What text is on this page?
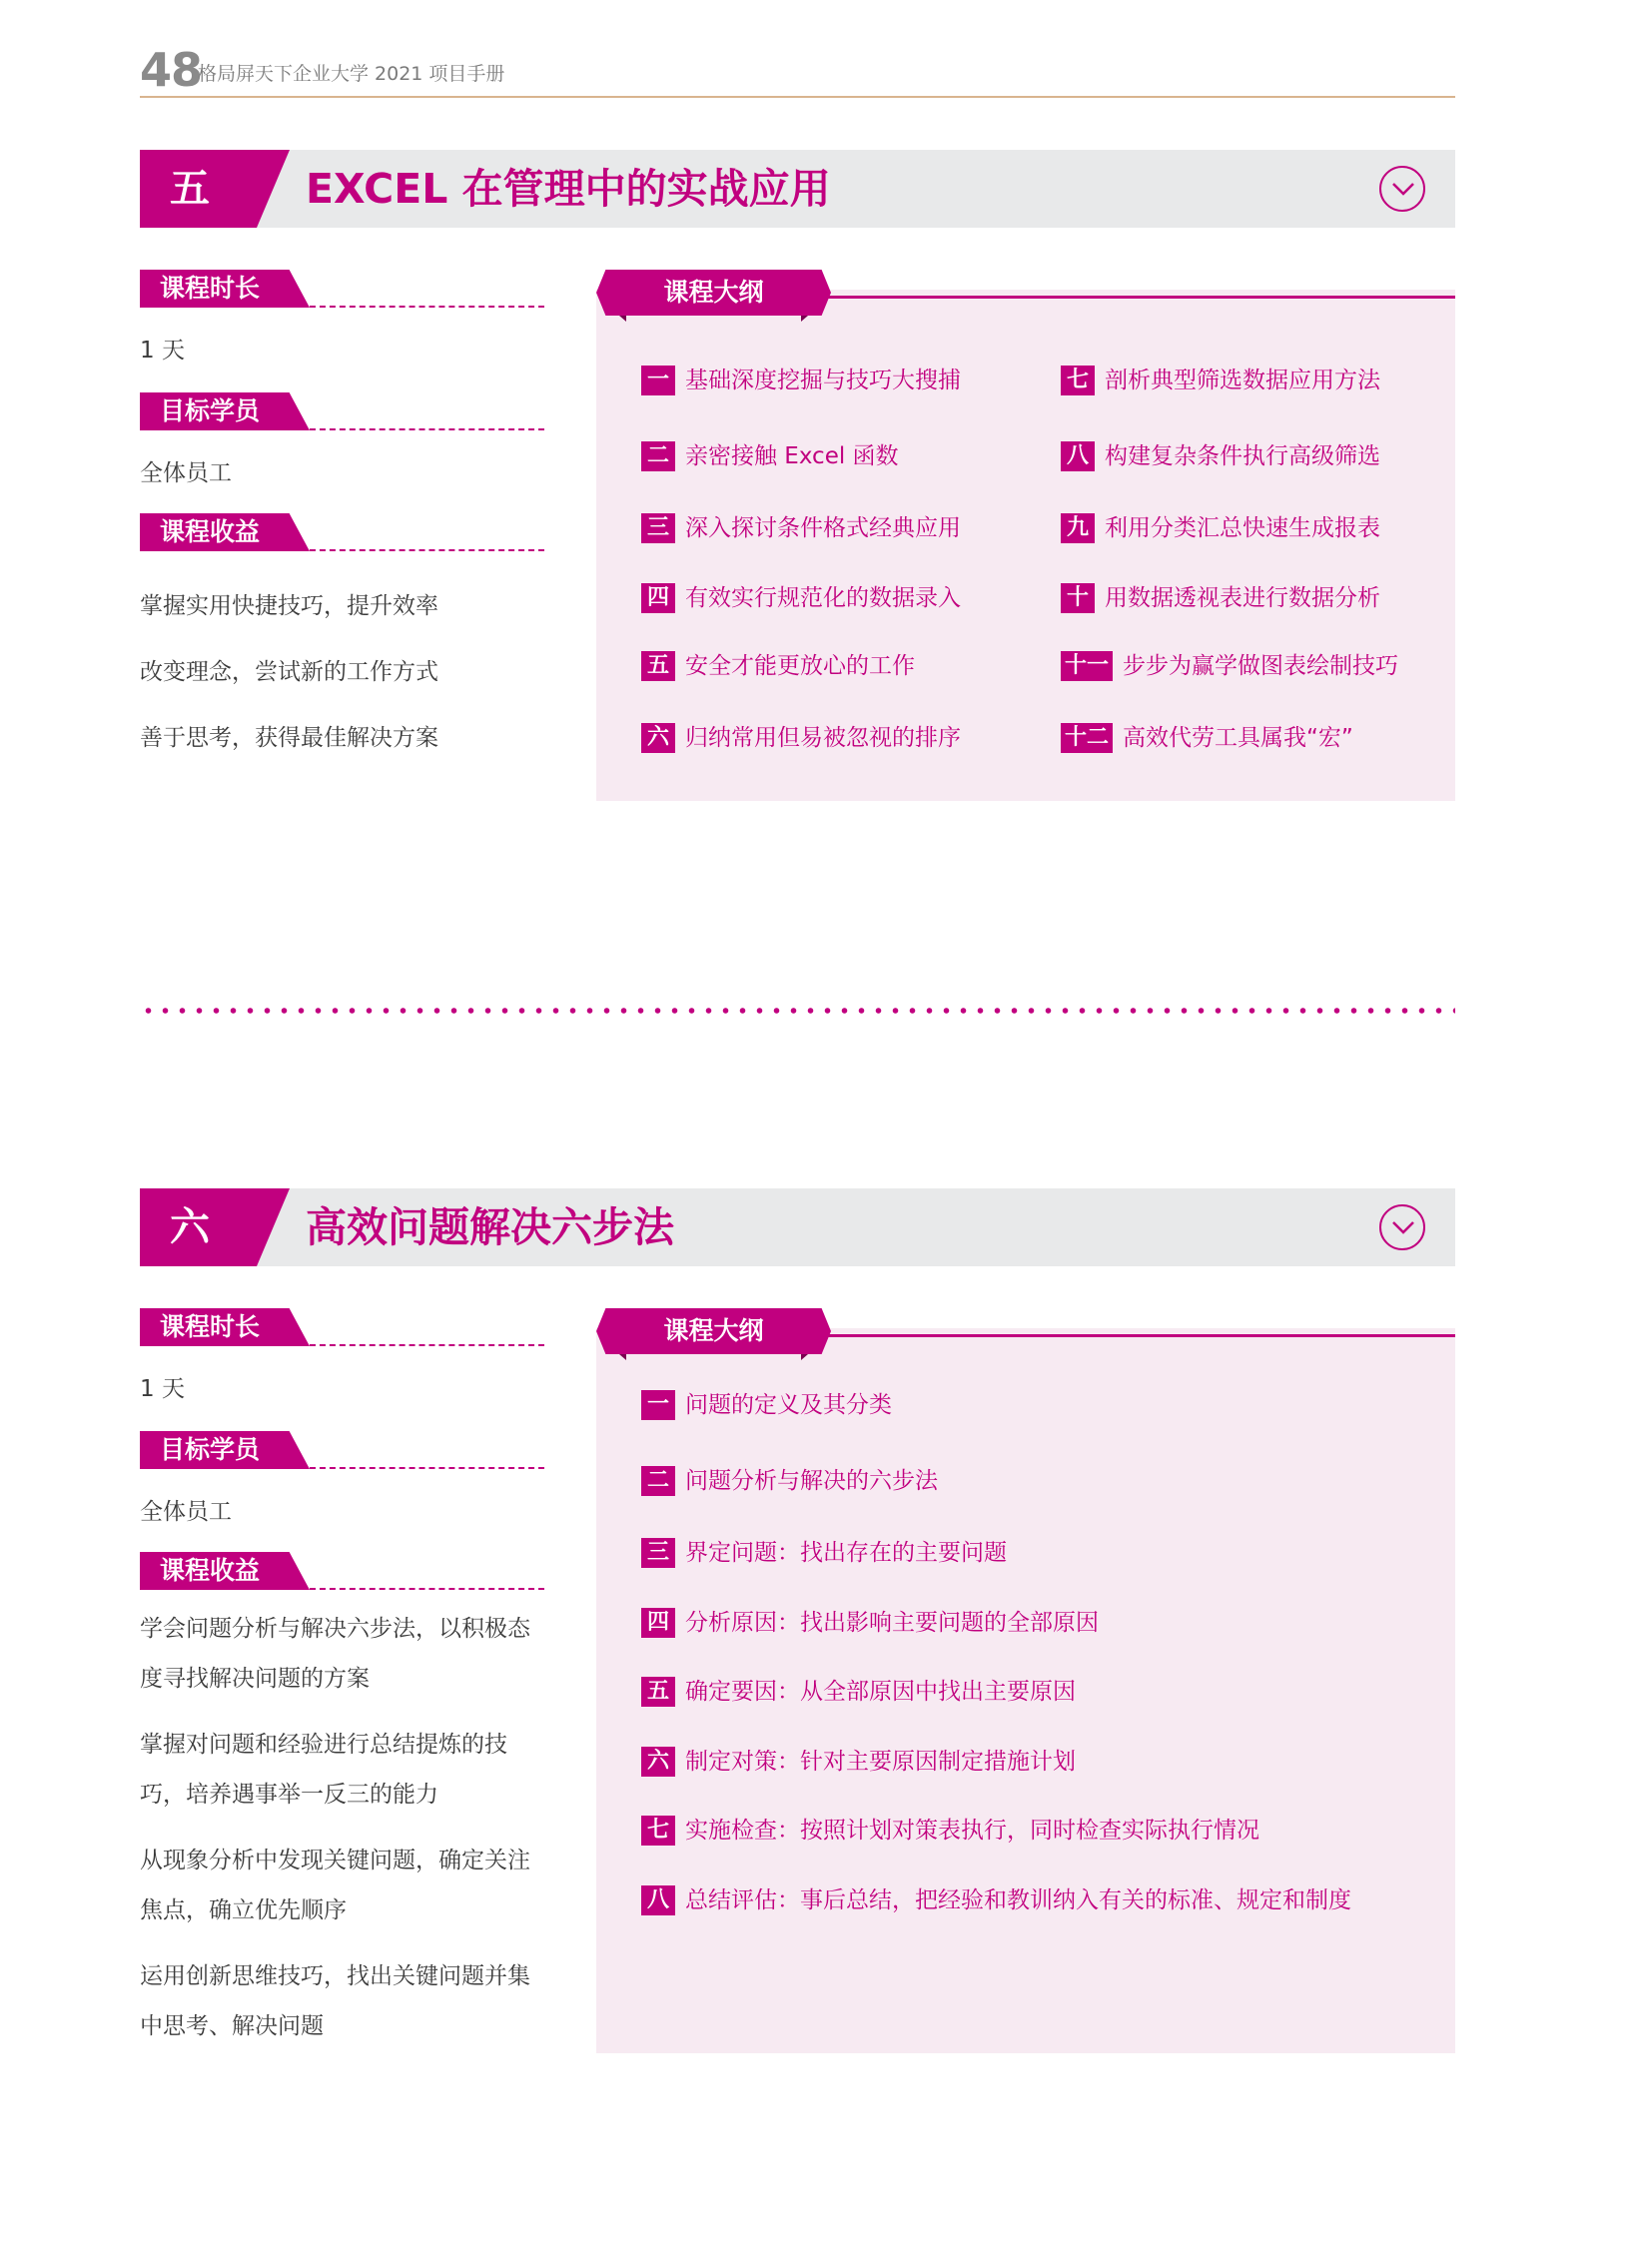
48
格局屏天下企业大学 2021 项目手册
五 EXCEL 在管理中的实战应用
课程时长
1 天
目标学员
全体员工
课程收益
掌握实用快捷技巧，提升效率
改变理念，尝试新的工作方式
善于思考，获得最佳解决方案
课程大纲
一 基础深度挖掘与技巧大搜捕
二 亲密接触 Excel 函数
三 深入探讨条件格式经典应用
四 有效实行规范化的数据录入
五 安全才能更放心的工作
六 归纳常用但易被忽视的排序
七 剖析典型筛选数据应用方法
八 构建复杂条件执行高级筛选
九 利用分类汇总快速生成报表
十 用数据透视表进行数据分析
十一 步步为赢学做图表绘制技巧
十二 高效代劳工具属我“宏”
六 高效问题解决六步法
课程时长
1 天
目标学员
全体员工
课程收益
学会问题分析与解决六步法，以积极态度寻找解决问题的方案
掌握对问题和经验进行总结提炼的技巧，培养遇事举一反三的能力
从现象分析中发现关键问题，确定关注焦点，确立优先顺序
运用创新思维技巧，找出关键问题并集中思考、解决问题
课程大纲
一 问题的定义及其分类
二 问题分析与解决的六步法
三 界定问题：找出存在的主要问题
四 分析原因：找出影响主要问题的全部原因
五 确定要因：从全部原因中找出主要原因
六 制定对策：针对主要原因制定措施计划
七 实施检查：按照计划对策表执行，同时检查实际执行情况
八 总结评估：事后总结，把经验和教训纳入有关的标准、规定和制度
